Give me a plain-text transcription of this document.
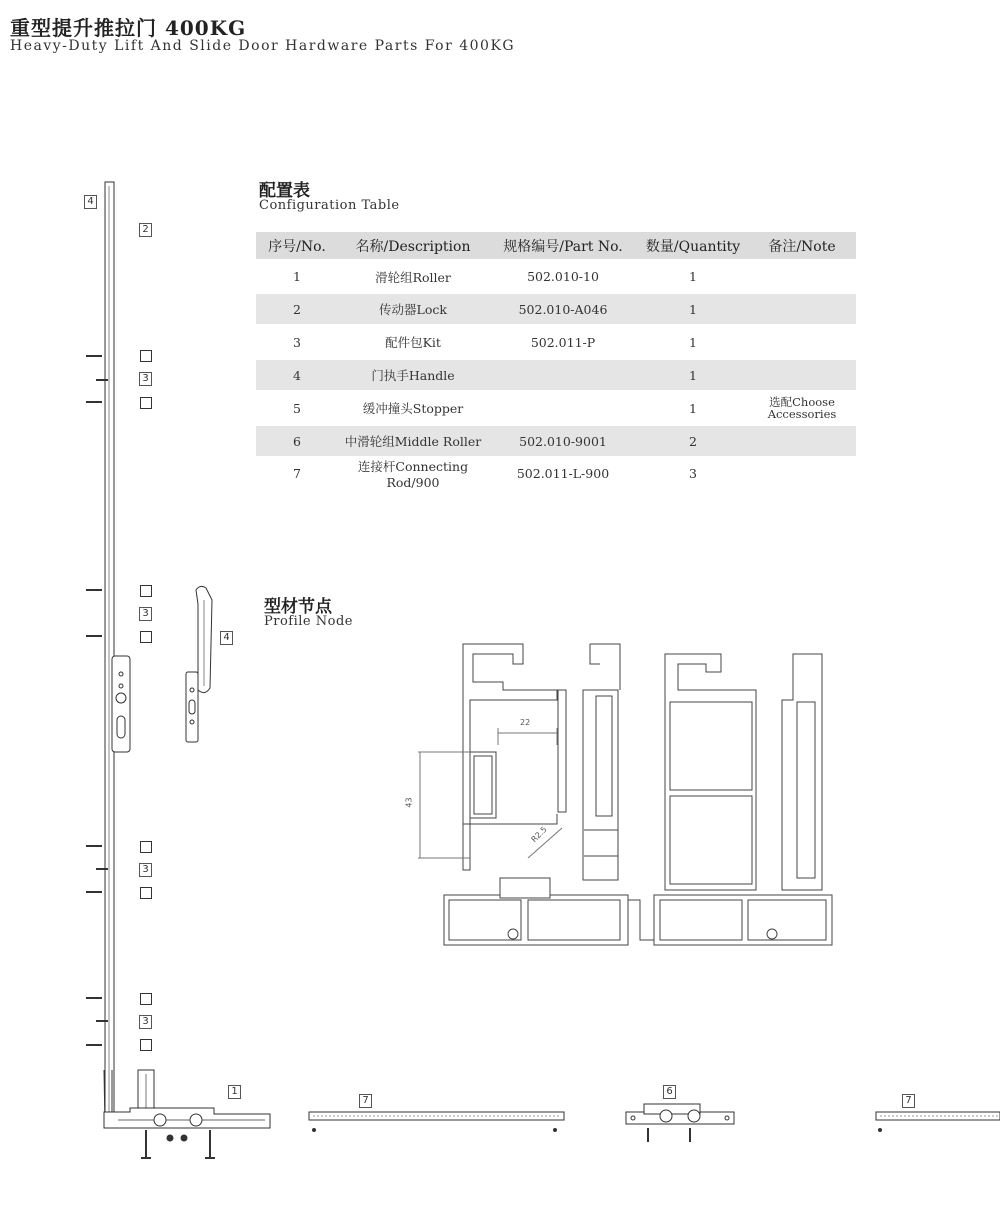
重型提升推拉门 400KG
Heavy-Duty Lift And Slide Door Hardware Parts For 400KG
配置表
Configuration Table
序号/No.	名称/Description	规格编号/Part No.	数量/Quantity	备注/Note
1	滑轮组Roller	502.010-10	1	
2	传动器Lock	502.010-A046	1	
3	配件包Kit	502.011-P	1	
4	门执手Handle		1	
5	缓冲撞头Stopper		1	选配Choose Accessories
6	中滑轮组Middle Roller	502.010-9001	2	
7	连接杆Connecting Rod/900	502.011-L-900	3	
型材节点
Profile Node
22
43
R2.5
4
2
3
3
4
3
3
1
7
6
7
